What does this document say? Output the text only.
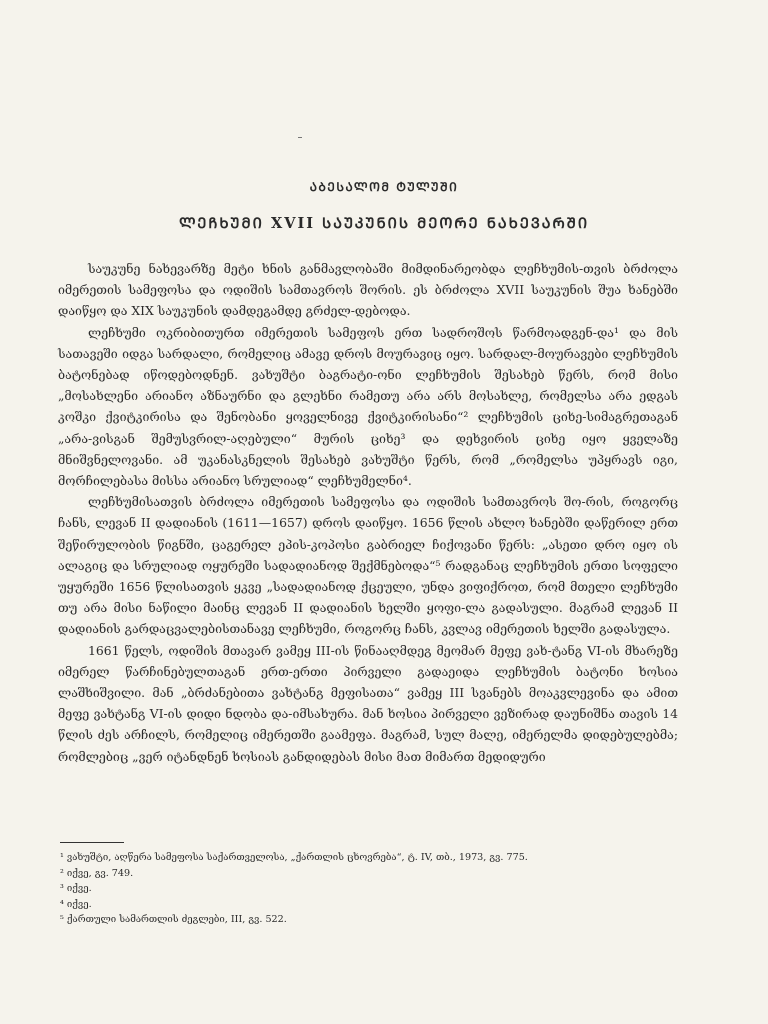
ᲐᲑᲔᲡᲐᲚᲝᲛ ᲢᲣᲚᲣᲨᲘ
ᲚᲔᲩᲮᲣᲛᲘ XVII ᲡᲐᲣᲙᲣᲜᲘᲡ ᲛᲔᲝᲠᲔ ᲜᲐᲮᲔᲕᲐᲠᲨᲘ

საუკუნე ნახევარზე მეტი ხნის განმავლობაში მიმდინარეობდა ლეჩხუმის-თვის ბრძოლა იმერეთის სამეფოსა და ოდიშის სამთავროს შორის. ეს ბრძოლა XVII საუკუნის შუა ხანებში დაიწყო და XIX საუკუნის დამდეგამდე გრძელ-დებოდა.

ლეჩხუმი ოკრიბითურთ იმერეთის სამეფოს ერთ სადროშოს წარმოადგენ-და¹ და მის სათავეში იდგა სარდალი, რომელიც ამავე დროს მოურავიც იყო. სარდალ-მოურავები ლეჩხუმის ბატონებად იწოდებოდნენ. ვახუშტი ბაგრატი-ონი ლეჩხუმის შესახებ წერს, რომ მისი „მოსახლენი არიანო აზნაურნი და გლეხნი რამეთუ არა არს მოსახლე, რომელსა არა ედგას კოშკი ქვიტკირისა და შენობანი ყოველნივე ქვიტკირისანი“² ლეჩხუმის ციხე-სიმაგრეთაგან „არა-ვისგან შემუსვრილ-აღებული“ მურის ციხე³ და დეხვირის ციხე იყო ყველაზე მნიშვნელოვანი. ამ უკანასკნელის შესახებ ვახუშტი წერს, რომ „რომელსა უპყრავს იგი, მორჩილებასა მისსა არიანო სრულიად“ ლეჩხუმელნი⁴.

ლეჩხუმისათვის ბრძოლა იმერეთის სამეფოსა და ოდიშის სამთავროს შო-რის, როგორც ჩანს, ლევან II დადიანის (1611—1657) დროს დაიწყო. 1656 წლის ახლო ხანებში დაწერილ ერთ შეწირულობის წიგნში, ცაგერელ ეპის-კოპოსი გაბრიელ ჩიქოვანი წერს: „ასეთი დრო იყო ის ალაგიც და სრულიად ოყურეში სადადიანოდ შექმნებოდა“⁵ რადგანაც ლეჩხუმის ერთი სოფელი უყურეში 1656 წლისათვის ყკვე „სადადიანოდ ქცეული, უნდა ვიფიქროთ, რომ მთელი ლეჩხუმი თუ არა მისი ნაწილი მაინც ლევან II დადიანის ხელში ყოფი-ლა გადასული. მაგრამ ლევან II დადიანის გარდაცვალებისთანავე ლეჩხუმი, როგორც ჩანს, კვლავ იმერეთის ხელში გადასულა.

1661 წელს, ოდიშის მთავარ ვამეყ III-ის წინააღმდეგ მეომარ მეფე ვახ-ტანგ VI-ის მხარეზე იმერელ წარჩინებულთაგან ერთ-ერთი პირველი გადაეიდა ლეჩხუმის ბატონი ხოსია ლაშხიშვილი. მან „ბრძანებითა ვახტანგ მეფისათა“ ვამეყ III სვანებს მოაკვლევინა და ამით მეფე ვახტანგ VI-ის დიდი ნდობა და-იმსახურა. მან ხოსია პირველი ვეზირად დაუნიშნა თავის 14 წლის ძეს არჩილს, რომელიც იმერეთში გაამეფა. მაგრამ, სულ მალე, იმერელმა დიდებულებმა; რომლებიც „ვერ იტანდნენ ხოსიას განდიდებას მისი მათ მიმართ მედიდური

¹ ვახუშტი, აღწერა სამეფოსა საქართველოსა, „ქართლის ცხოვრება“, ტ. IV, თბ., 1973, გვ. 775.
² იქვე, გვ. 749.
³ იქვე.
⁴ იქვე.
⁵ ქართული სამართლის ძეგლები, III, გვ. 522.
